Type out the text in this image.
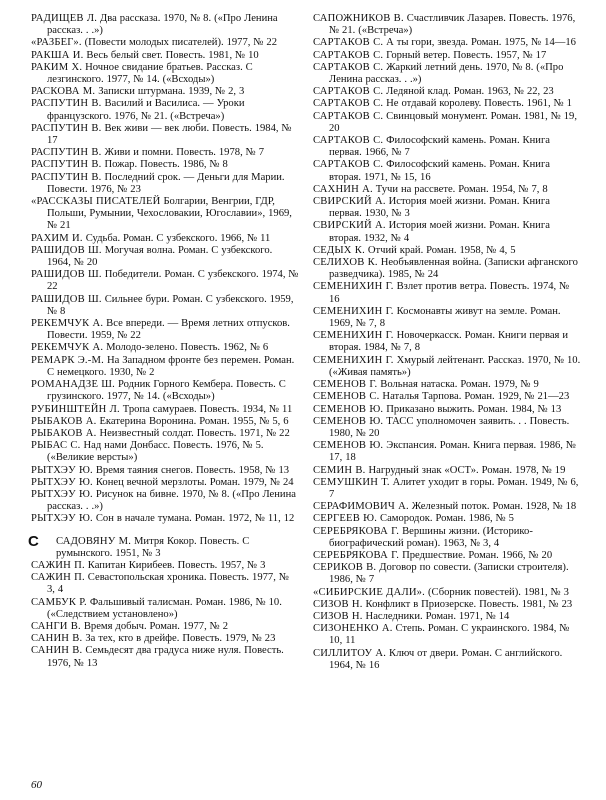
РАДИЩЕВ Л. Два рассказа. 1970, № 8. («Про Ленина рассказ. . .»)

«РАЗБЕГ». (Повести молодых писателей). 1977, № 22

РАКША И. Весь белый свет. Повесть. 1981, № 10

РАКИМ Х. Ночное свидание братьев. Рассказ. С лезгинского. 1977, № 14. («Всходы»)

РАСКОВА М. Записки штурмана. 1939, № 2, 3

РАСПУТИН В. Василий и Василиса. — Уроки французского. 1976, № 21. («Встреча»)

РАСПУТИН В. Век живи — век люби. Повесть. 1984, № 17

РАСПУТИН В. Живи и помни. Повесть. 1978, № 7

РАСПУТИН В. Пожар. Повесть. 1986, № 8

РАСПУТИН В. Последний срок. — Деньги для Марии. Повести. 1976, № 23

«РАССКАЗЫ ПИСАТЕЛЕЙ Болгарии, Венгрии, ГДР, Польши, Румынии, Чехословакии, Югославии», 1969, № 21

РАХИМ И. Судьба. Роман. С узбекского. 1966, № 11

РАШИДОВ Ш. Могучая волна. Роман. С узбекского. 1964, № 20

РАШИДОВ Ш. Победители. Роман. С узбекского. 1974, № 22

РАШИДОВ Ш. Сильнее бури. Роман. С узбекского. 1959, № 8

РЕКЕМЧУК А. Все впереди. — Время летних отпусков. Повести. 1959, № 22

РЕКЕМЧУК А. Молодо-зелено. Повесть. 1962, № 6

РЕМАРК Э.-М. На Западном фронте без перемен. Роман. С немецкого. 1930, № 2

РОМАНАДЗЕ Ш. Родник Горного Кембера. Повесть. С грузинского. 1977, № 14. («Всходы»)

РУБИНШТЕЙН Л. Тропа самураев. Повесть. 1934, № 11

РЫБАКОВ А. Екатерина Воронина. Роман. 1955, № 5, 6

РЫБАКОВ А. Неизвестный солдат. Повесть. 1971, № 22

РЫБАС С. Над нами Донбасс. Повесть. 1976, № 5. («Великие версты»)

РЫТХЭУ Ю. Время таяния снегов. Повесть. 1958, № 13

РЫТХЭУ Ю. Конец вечной мерзлоты. Роман. 1979, № 24

РЫТХЭУ Ю. Рисунок на бивне. 1970, № 8. («Про Ленина рассказ. . .»)

РЫТХЭУ Ю. Сон в начале тумана. Роман. 1972, № 11, 12

С	САДОВЯНУ М. Митря Кокор. Повесть. С румынского. 1951, № 3

САЖИН П. Капитан Кирибеев. Повесть. 1957, № 3

САЖИН П. Севастопольская хроника. Повесть. 1977, № 3, 4

САМБУК Р. Фальшивый талисман. Роман. 1986, № 10. («Следствием установлено»)

САНГИ В. Время добыч. Роман. 1977, № 2

САНИН В. За тех, кто в дрейфе. Повесть. 1979, № 23

САНИН В. Семьдесят два градуса ниже нуля. Повесть. 1976, № 13

САПОЖНИКОВ В. Счастливчик Лазарев. Повесть. 1976, № 21. («Встреча»)

САРТАКОВ С. А ты гори, звезда. Роман. 1975, № 14—16

САРТАКОВ С. Горный ветер. Повесть. 1957, № 17

САРТАКОВ С. Жаркий летний день. 1970, № 8. («Про Ленина рассказ. . .»)

САРТАКОВ С. Ледяной клад. Роман. 1963, № 22, 23

САРТАКОВ С. Не отдавай королеву. Повесть. 1961, № 1

САРТАКОВ С. Свинцовый монумент. Роман. 1981, № 19, 20

САРТАКОВ С. Философский камень. Роман. Книга первая. 1966, № 7

САРТАКОВ С. Философский камень. Роман. Книга вторая. 1971, № 15, 16

САХНИН А. Тучи на рассвете. Роман. 1954, № 7, 8

СВИРСКИЙ А. История моей жизни. Роман. Книга первая. 1930, № 3

СВИРСКИЙ А. История моей жизни. Роман. Книга вторая. 1932, № 4

СЕДЫХ К. Отчий край. Роман. 1958, № 4, 5

СЕЛИХОВ К. Необъявленная война. (Записки афганского разведчика). 1985, № 24

СЕМЕНИХИН Г. Взлет против ветра. Повесть. 1974, № 16

СЕМЕНИХИН Г. Космонавты живут на земле. Роман. 1969, № 7, 8

СЕМЕНИХИН Г. Новочеркасск. Роман. Книги первая и вторая. 1984, № 7, 8

СЕМЕНИХИН Г. Хмурый лейтенант. Рассказ. 1970, № 10. («Живая память»)

СЕМЕНОВ Г. Вольная натаска. Роман. 1979, № 9

СЕМЕНОВ С. Наталья Тарпова. Роман. 1929, № 21—23

СЕМЕНОВ Ю. Приказано выжить. Роман. 1984, № 13

СЕМЕНОВ Ю. ТАСС уполномочен заявить. . . Повесть. 1980, № 20

СЕМЕНОВ Ю. Экспансия. Роман. Книга первая. 1986, № 17, 18

СЕМИН В. Нагрудный знак «ОСТ». Роман. 1978, № 19

СЕМУШКИН Т. Алитет уходит в горы. Роман. 1949, № 6, 7

СЕРАФИМОВИЧ А. Железный поток. Роман. 1928, № 18

СЕРГЕЕВ Ю. Самородок. Роман. 1986, № 5

СЕРЕБРЯКОВА Г. Вершины жизни. (Историко-биографический роман). 1963, № 3, 4

СЕРЕБРЯКОВА Г. Предшествие. Роман. 1966, № 20

СЕРИКОВ В. Договор по совести. (Записки строителя). 1986, № 7

«СИБИРСКИЕ ДАЛИ». (Сборник повестей). 1981, № 3

СИЗОВ Н. Конфликт в Приозерске. Повесть. 1981, № 23

СИЗОВ Н. Наследники. Роман. 1971, № 14

СИЗОНЕНКО А. Степь. Роман. С украинского. 1984, № 10, 11

СИЛЛИТОУ А. Ключ от двери. Роман. С английского. 1964, № 16

60
